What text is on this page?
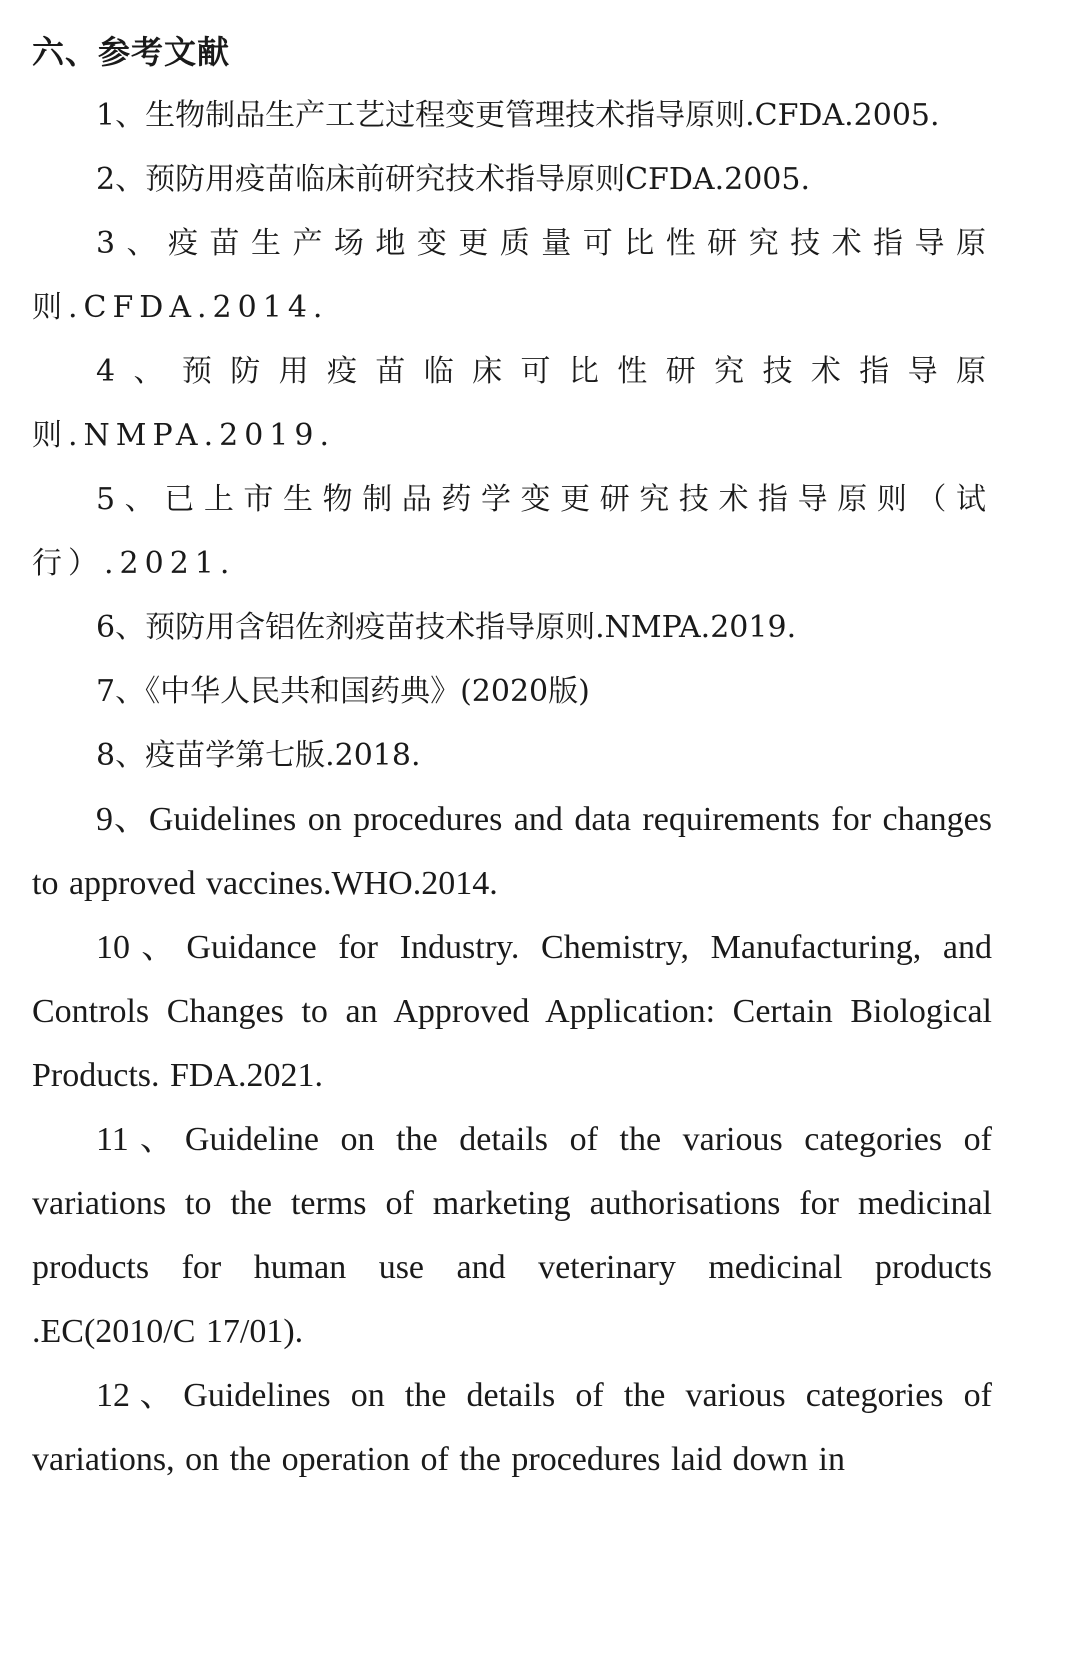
六、参考文献

1、生物制品生产工艺过程变更管理技术指导原则.CFDA.2005.

2、预防用疫苗临床前研究技术指导原则CFDA.2005.

3、疫苗生产场地变更质量可比性研究技术指导原则.CFDA.2014.

4、预防用疫苗临床可比性研究技术指导原则.NMPA.2019.

5、已上市生物制品药学变更研究技术指导原则（试行）.2021.

6、预防用含铝佐剂疫苗技术指导原则.NMPA.2019.

7、《中华人民共和国药典》(2020版)

8、疫苗学第七版.2018.

9、Guidelines on procedures and data requirements for changes to approved vaccines.WHO.2014.

10、Guidance for Industry. Chemistry, Manufacturing, and Controls Changes to an Approved Application: Certain Biological Products. FDA.2021.

11、Guideline on the details of the various categories of variations to the terms of marketing authorisations for medicinal products for human use and veterinary medicinal products .EC(2010/C 17/01).

12、Guidelines on the details of the various categories of variations, on the operation of the procedures laid down in
